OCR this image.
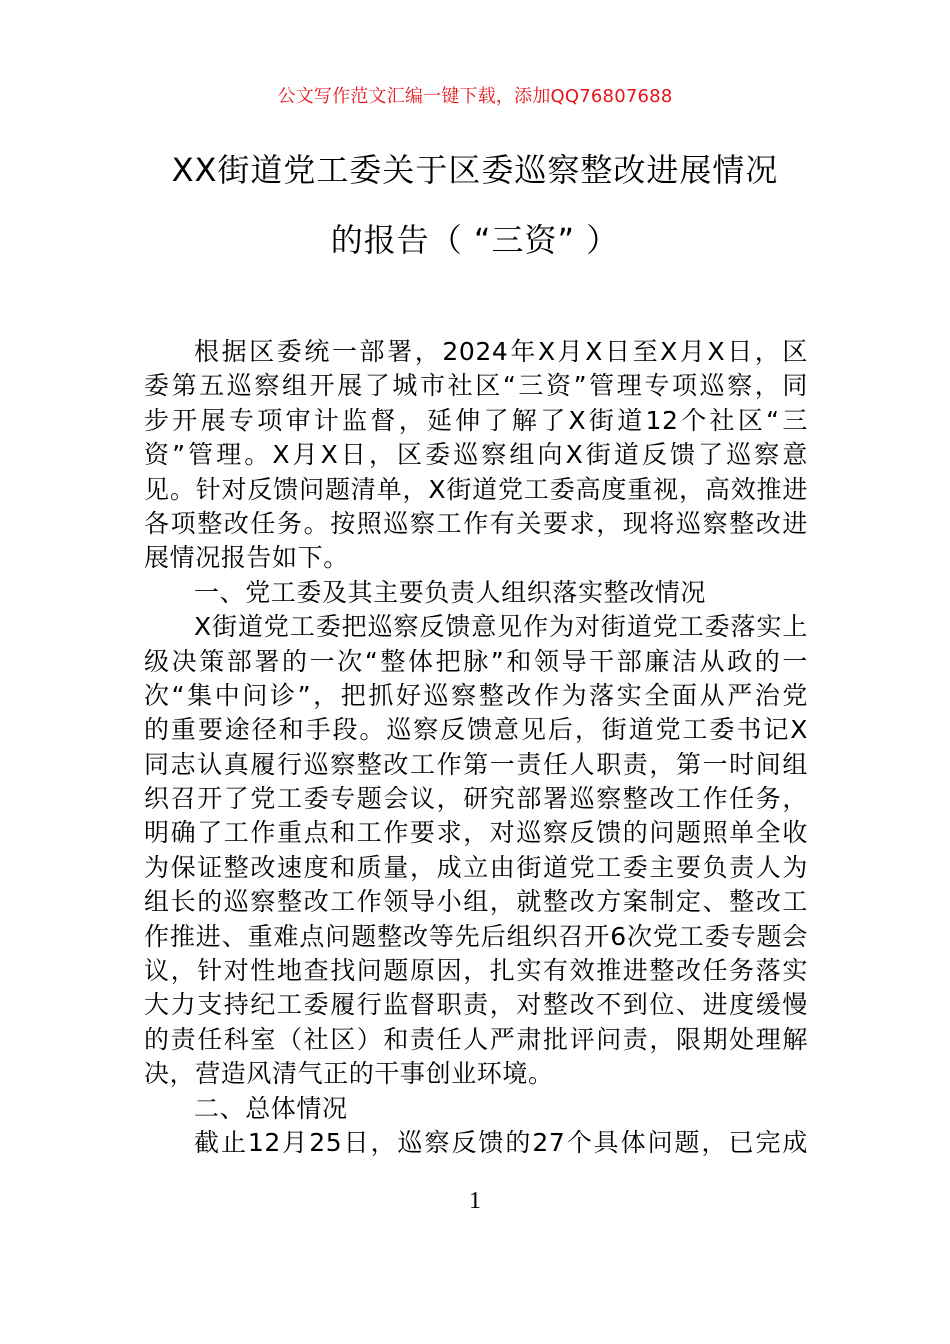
公文写作范文汇编一键下载，添加QQ76807688
XX街道党工委关于区委巡察整改进展情况
的报告（ “三资” ）
根据区委统一部署，2024年X月X日至X月X日，区
委第五巡察组开展了城市社区“三资”管理专项巡察，同
步开展专项审计监督，延伸了解了X街道12个社区“三
资”管理。X月X日，区委巡察组向X街道反馈了巡察意
见。针对反馈问题清单，X街道党工委高度重视，高效推进
各项整改任务。按照巡察工作有关要求，现将巡察整改进
展情况报告如下。
一、党工委及其主要负责人组织落实整改情况
X街道党工委把巡察反馈意见作为对街道党工委落实上
级决策部署的一次“整体把脉”和领导干部廉洁从政的一
次“集中问诊”，把抓好巡察整改作为落实全面从严治党
的重要途径和手段。巡察反馈意见后，街道党工委书记X
同志认真履行巡察整改工作第一责任人职责，第一时间组
织召开了党工委专题会议，研究部署巡察整改工作任务，
明确了工作重点和工作要求，对巡察反馈的问题照单全收
为保证整改速度和质量，成立由街道党工委主要负责人为
组长的巡察整改工作领导小组，就整改方案制定、整改工
作推进、重难点问题整改等先后组织召开6次党工委专题会
议，针对性地查找问题原因，扎实有效推进整改任务落实
大力支持纪工委履行监督职责，对整改不到位、进度缓慢
的责任科室（社区）和责任人严肃批评问责，限期处理解
决，营造风清气正的干事创业环境。
二、总体情况
截止12月25日，巡察反馈的27个具体问题，已完成
1
